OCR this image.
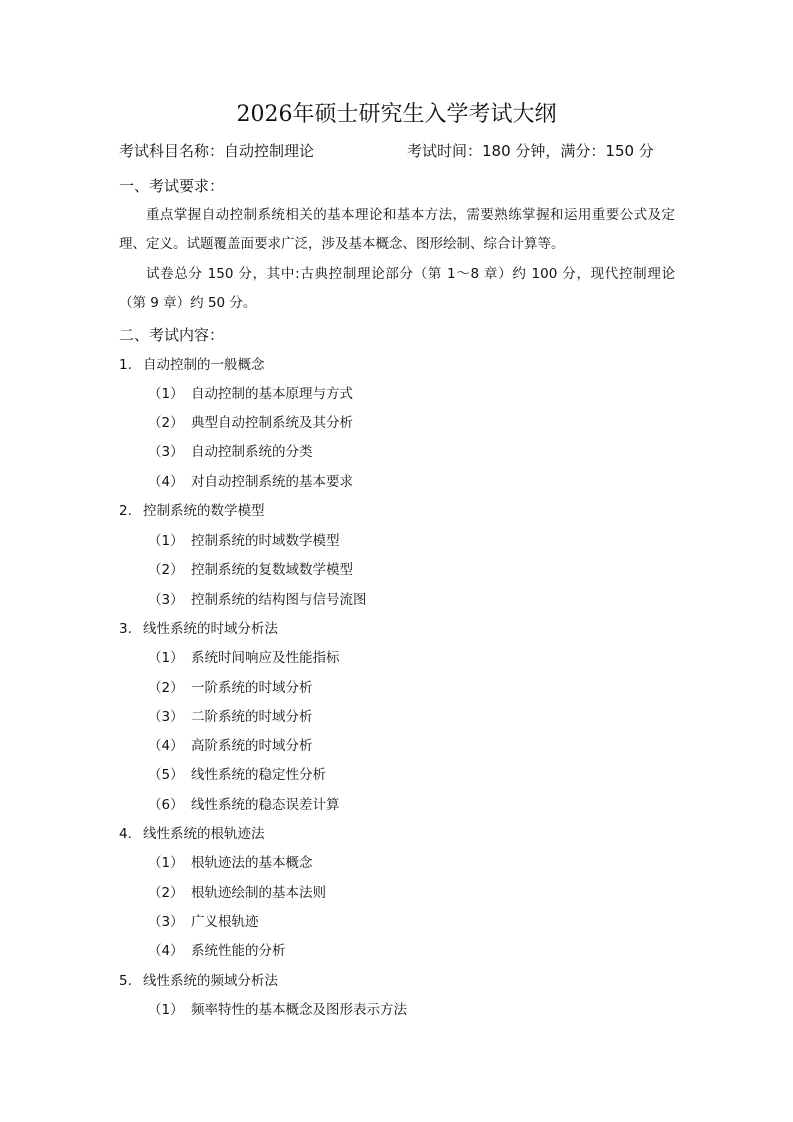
2026年硕士研究生入学考试大纲
考试科目名称：自动控制理论	考试时间：180 分钟，满分：150 分
一、考试要求：
重点掌握自动控制系统相关的基本理论和基本方法，需要熟练掌握和运用重要公式及定理、定义。试题覆盖面要求广泛，涉及基本概念、图形绘制、综合计算等。
试卷总分 150 分，其中:古典控制理论部分（第 1～8 章）约 100 分，现代控制理论（第 9 章）约 50 分。
二、考试内容：
1. 自动控制的一般概念
（1） 自动控制的基本原理与方式
（2） 典型自动控制系统及其分析
（3） 自动控制系统的分类
（4） 对自动控制系统的基本要求
2. 控制系统的数学模型
（1） 控制系统的时域数学模型
（2） 控制系统的复数域数学模型
（3） 控制系统的结构图与信号流图
3. 线性系统的时域分析法
（1） 系统时间响应及性能指标
（2） 一阶系统的时域分析
（3） 二阶系统的时域分析
（4） 高阶系统的时域分析
（5） 线性系统的稳定性分析
（6） 线性系统的稳态误差计算
4. 线性系统的根轨迹法
（1） 根轨迹法的基本概念
（2） 根轨迹绘制的基本法则
（3） 广义根轨迹
（4） 系统性能的分析
5. 线性系统的频域分析法
（1） 频率特性的基本概念及图形表示方法
